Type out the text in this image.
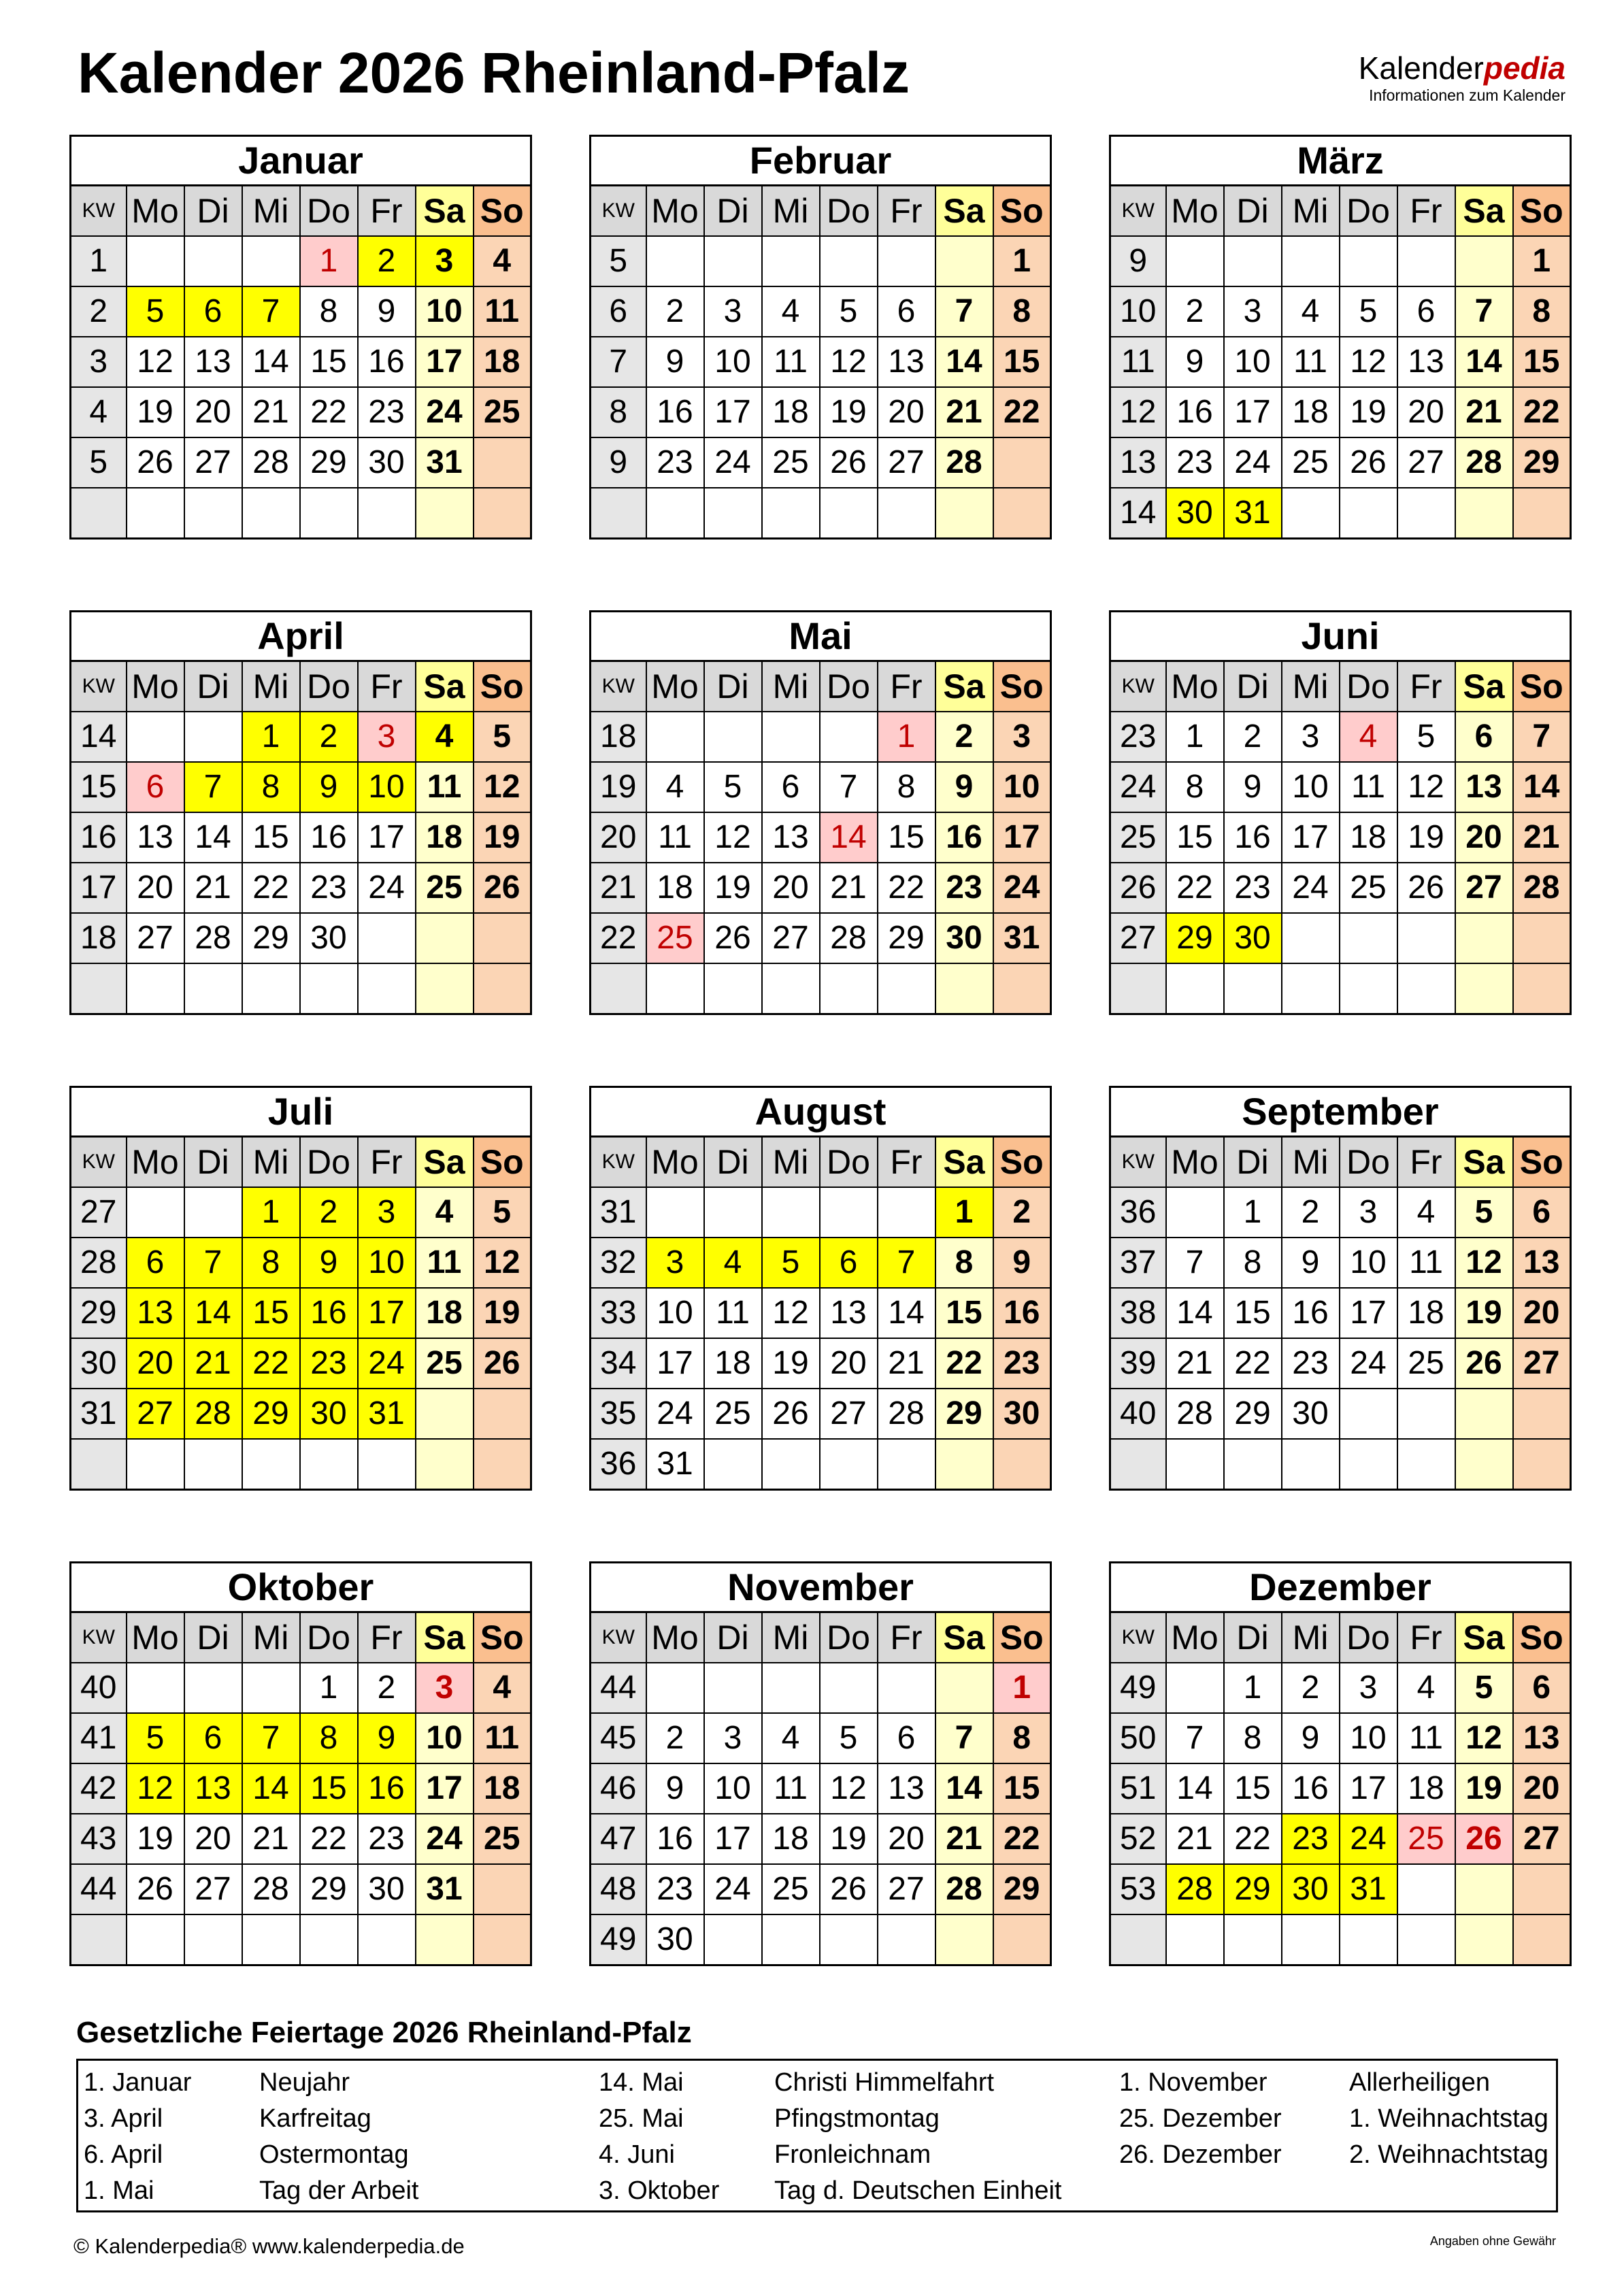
Kalender 2026 Rheinland-Pfalz	Kalenderpedia
Informationen zum Kalender
Januar							
KW	Mo	Di	Mi	Do	Fr	Sa	So
1				1	2	3	4
2	5	6	7	8	9	10	11
3	12	13	14	15	16	17	18
4	19	20	21	22	23	24	25
5	26	27	28	29	30	31	

Februar							
KW	Mo	Di	Mi	Do	Fr	Sa	So
5							1
6	2	3	4	5	6	7	8
7	9	10	11	12	13	14	15
8	16	17	18	19	20	21	22
9	23	24	25	26	27	28	

März							
KW	Mo	Di	Mi	Do	Fr	Sa	So
9							1
10	2	3	4	5	6	7	8
11	9	10	11	12	13	14	15
12	16	17	18	19	20	21	22
13	23	24	25	26	27	28	29
14	30	31					
April							
KW	Mo	Di	Mi	Do	Fr	Sa	So
14			1	2	3	4	5
15	6	7	8	9	10	11	12
16	13	14	15	16	17	18	19
17	20	21	22	23	24	25	26
18	27	28	29	30			

Mai							
KW	Mo	Di	Mi	Do	Fr	Sa	So
18					1	2	3
19	4	5	6	7	8	9	10
20	11	12	13	14	15	16	17
21	18	19	20	21	22	23	24
22	25	26	27	28	29	30	31

Juni							
KW	Mo	Di	Mi	Do	Fr	Sa	So
23	1	2	3	4	5	6	7
24	8	9	10	11	12	13	14
25	15	16	17	18	19	20	21
26	22	23	24	25	26	27	28
27	29	30					

Juli							
KW	Mo	Di	Mi	Do	Fr	Sa	So
27			1	2	3	4	5
28	6	7	8	9	10	11	12
29	13	14	15	16	17	18	19
30	20	21	22	23	24	25	26
31	27	28	29	30	31		

August							
KW	Mo	Di	Mi	Do	Fr	Sa	So
31						1	2
32	3	4	5	6	7	8	9
33	10	11	12	13	14	15	16
34	17	18	19	20	21	22	23
35	24	25	26	27	28	29	30
36	31						
September							
KW	Mo	Di	Mi	Do	Fr	Sa	So
36		1	2	3	4	5	6
37	7	8	9	10	11	12	13
38	14	15	16	17	18	19	20
39	21	22	23	24	25	26	27
40	28	29	30				

Oktober							
KW	Mo	Di	Mi	Do	Fr	Sa	So
40				1	2	3	4
41	5	6	7	8	9	10	11
42	12	13	14	15	16	17	18
43	19	20	21	22	23	24	25
44	26	27	28	29	30	31	

November							
KW	Mo	Di	Mi	Do	Fr	Sa	So
44							1
45	2	3	4	5	6	7	8
46	9	10	11	12	13	14	15
47	16	17	18	19	20	21	22
48	23	24	25	26	27	28	29
49	30						
Dezember							
KW	Mo	Di	Mi	Do	Fr	Sa	So
49		1	2	3	4	5	6
50	7	8	9	10	11	12	13
51	14	15	16	17	18	19	20
52	21	22	23	24	25	26	27
53	28	29	30	31			

Gesetzliche Feiertage 2026 Rheinland-Pfalz
1. Januar	Neujahr
3. April	Karfreitag
6. April	Ostermontag
1. Mai	Tag der Arbeit
14. Mai	Christi Himmelfahrt
25. Mai	Pfingstmontag
4. Juni	Fronleichnam
3. Oktober Tag d. Deutschen Einheit
1. November	Allerheiligen
25. Dezember	1. Weihnachtstag
26. Dezember	2. Weihnachtstag
© Kalenderpedia® www.kalenderpedia.de	Angaben ohne Gewähr
